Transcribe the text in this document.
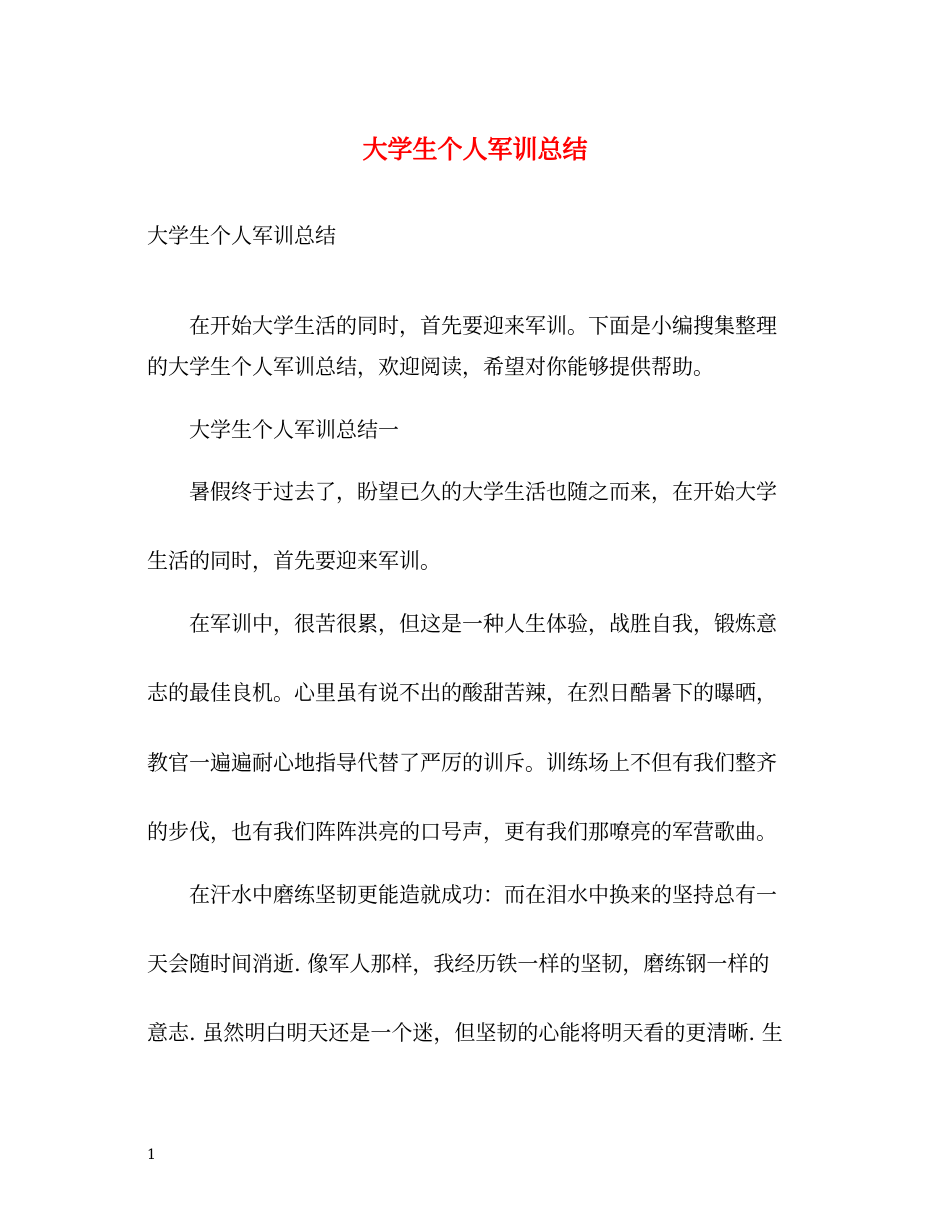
大学生个人军训总结

大学生个人军训总结

在开始大学生活的同时，首先要迎来军训。下面是小编搜集整理

的大学生个人军训总结，欢迎阅读，希望对你能够提供帮助。

大学生个人军训总结一

暑假终于过去了，盼望已久的大学生活也随之而来，在开始大学

生活的同时，首先要迎来军训。

在军训中，很苦很累，但这是一种人生体验，战胜自我，锻炼意

志的最佳良机。心里虽有说不出的酸甜苦辣，在烈日酷暑下的曝晒，

教官一遍遍耐心地指导代替了严厉的训斥。训练场上不但有我们整齐

的步伐，也有我们阵阵洪亮的口号声，更有我们那嘹亮的军营歌曲。

在汗水中磨练坚韧更能造就成功：而在泪水中换来的坚持总有一

天会随时间消逝. 像军人那样，我经历铁一样的坚韧，磨练钢一样的

意志. 虽然明白明天还是一个迷，但坚韧的心能将明天看的更清晰. 生

1
